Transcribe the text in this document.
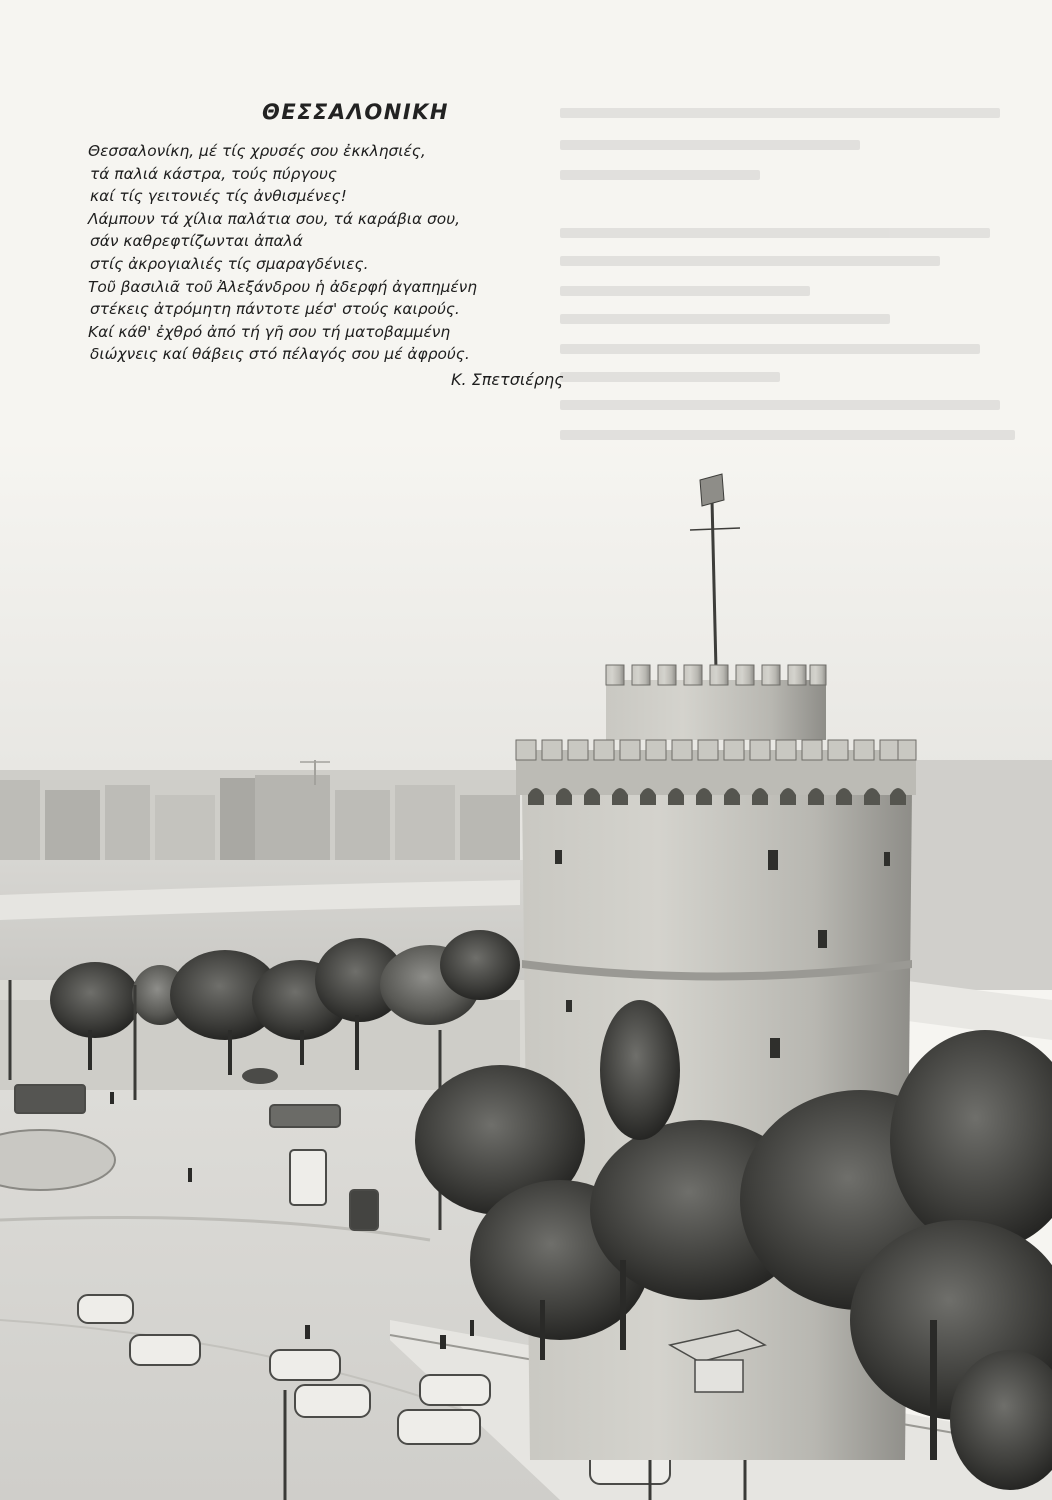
ΘΕΣΣΑΛΟΝΙΚΗ
Θεσσαλονίκη, μέ τίς χρυσές σου ἐκκλησιές,
τά παλιά κάστρα, τούς πύργους
καί τίς γειτονιές τίς ἀνθισμένες!
Λάμπουν τά χίλια παλάτια σου, τά καράβια σου,
σάν καθρεφτίζωνται ἀπαλά
στίς ἀκρογιαλιές τίς σμαραγδένιες.
Τοῦ βασιλιᾶ τοῦ Ἀλεξάνδρου ἡ ἀδερφή ἀγαπημένη
στέκεις ἀτρόμητη πάντοτε μέσ' στούς καιρούς.
Καί κάθ' ἐχθρό ἀπό τή γῆ σου τή ματοβαμμένη
διώχνεις καί θάβεις στό πέλαγός σου μέ ἀφρούς.
Κ. Σπετσιέρης
